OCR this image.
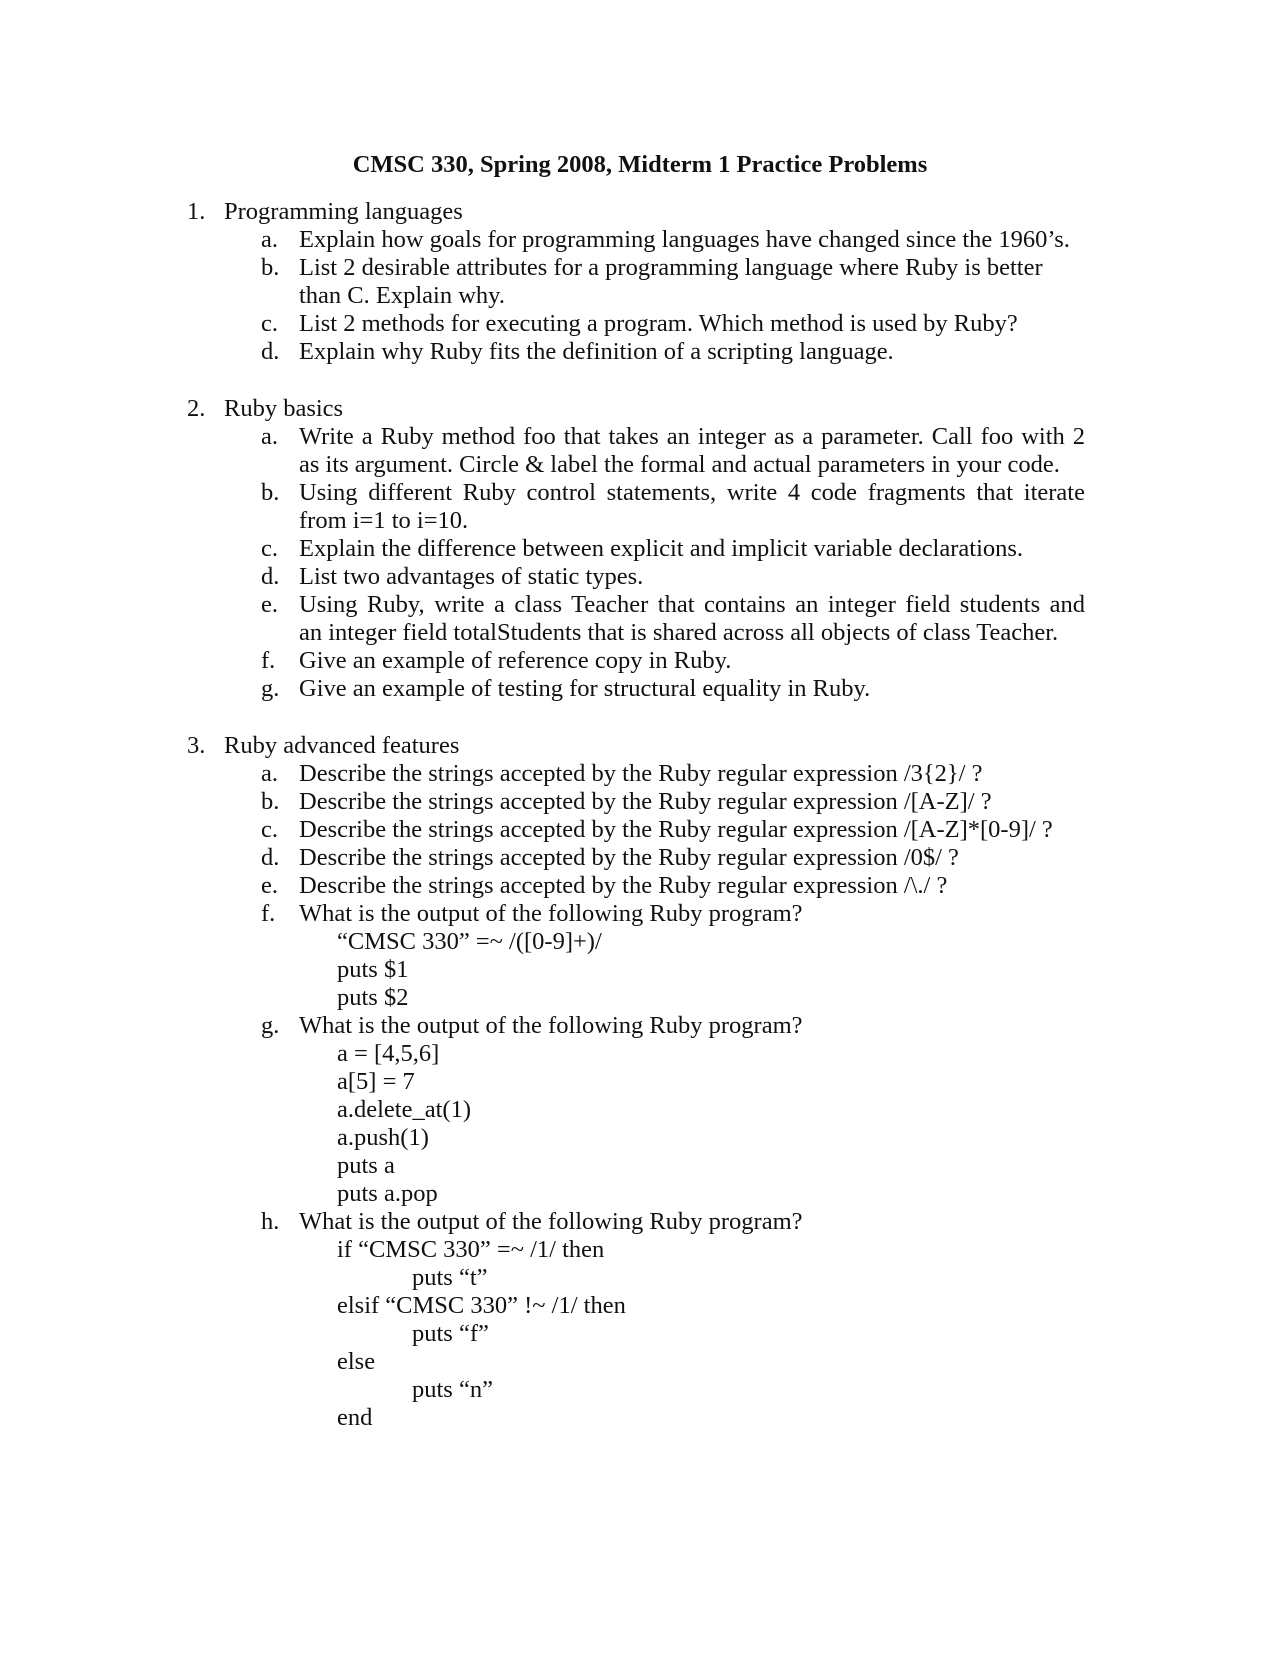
CMSC 330, Spring 2008, Midterm 1 Practice Problems
1. Programming languages
a. Explain how goals for programming languages have changed since the 1960’s.
b. List 2 desirable attributes for a programming language where Ruby is better
than C. Explain why.
c. List 2 methods for executing a program. Which method is used by Ruby?
d. Explain why Ruby fits the definition of a scripting language.
2. Ruby basics
a. Write a Ruby method foo that takes an integer as a parameter. Call foo with 2
as its argument. Circle & label the formal and actual parameters in your code.
b. Using different Ruby control statements, write 4 code fragments that iterate
from i=1 to i=10.
c. Explain the difference between explicit and implicit variable declarations.
d. List two advantages of static types.
e. Using Ruby, write a class Teacher that contains an integer field students and
an integer field totalStudents that is shared across all objects of class Teacher.
f. Give an example of reference copy in Ruby.
g. Give an example of testing for structural equality in Ruby.
3. Ruby advanced features
a. Describe the strings accepted by the Ruby regular expression /3{2}/ ?
b. Describe the strings accepted by the Ruby regular expression /[A-Z]/ ?
c. Describe the strings accepted by the Ruby regular expression /[A-Z]*[0-9]/ ?
d. Describe the strings accepted by the Ruby regular expression /0$/ ?
e. Describe the strings accepted by the Ruby regular expression /\./ ?
f. What is the output of the following Ruby program?
“CMSC 330” =~ /([0-9]+)/
puts $1
puts $2
g. What is the output of the following Ruby program?
a = [4,5,6]
a[5] = 7
a.delete_at(1)
a.push(1)
puts a
puts a.pop
h. What is the output of the following Ruby program?
if “CMSC 330” =~ /1/ then
puts “t”
elsif “CMSC 330” !~ /1/ then
puts “f”
else
puts “n”
end
